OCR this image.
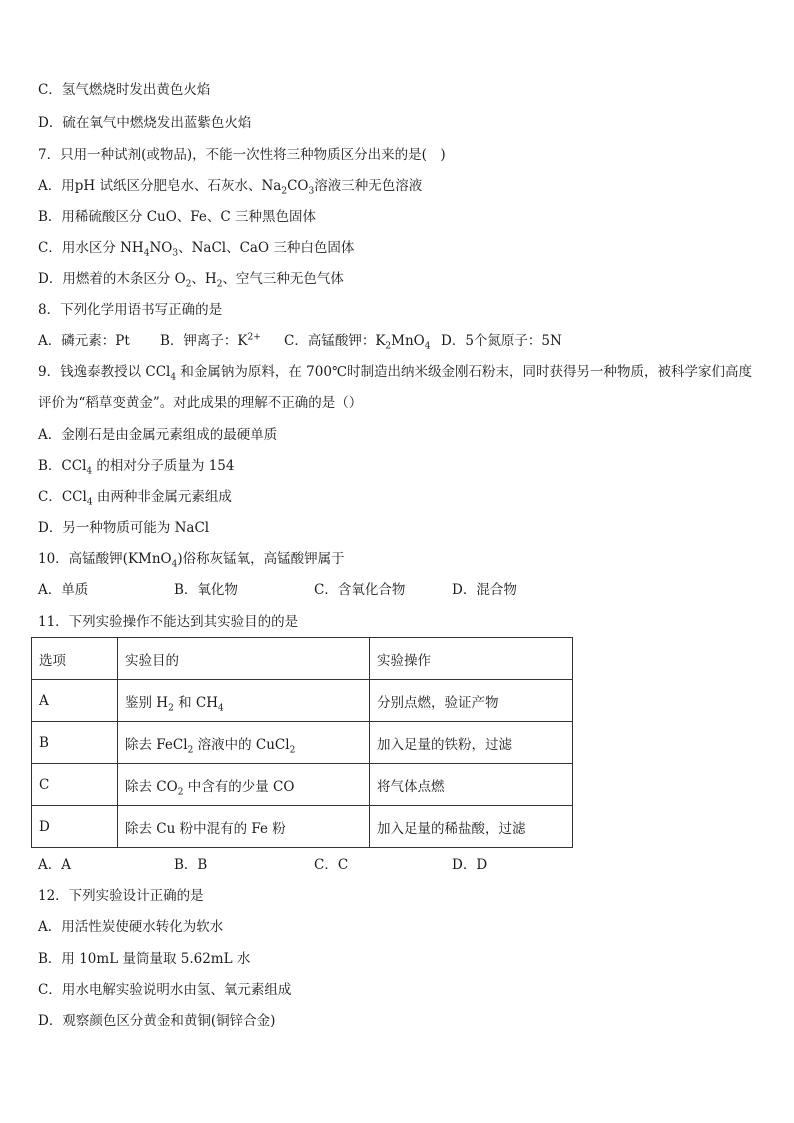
C．氢气燃烧时发出黄色火焰
D．硫在氧气中燃烧发出蓝紫色火焰
7．只用一种试剂(或物品)，不能一次性将三种物质区分出来的是(　)
A．用pH 试纸区分肥皂水、石灰水、$Na_2CO_3$溶液三种无色溶液
B．用稀硫酸区分 CuO、Fe、C 三种黑色固体
C．用水区分 $NH_4NO_3$、NaCl、CaO 三种白色固体
D．用燃着的木条区分 $O_2$、$H_2$、空气三种无色气体
8．下列化学用语书写正确的是
A．磷元素：Pt B．钾离子：$K^{2+}$ C．高锰酸钾：$K_2MnO_4$ D．5个氮原子：5N
9．钱逸泰教授以 CCl$_4$ 和金属钠为原料，在 700℃时制造出纳米级金刚石粉末，同时获得另一种物质，被科学家们高度
评价为“稻草变黄金”。对此成果的理解不正确的是（）
A．金刚石是由金属元素组成的最硬单质
B．CCl$_4$ 的相对分子质量为 154
C．CCl$_4$ 由两种非金属元素组成
D．另一种物质可能为 NaCl
10．高锰酸钾(KMnO$_4$)俗称灰锰氧，高锰酸钾属于
A．单质	B．氧化物	C．含氧化合物	D．混合物
11．下列实验操作不能达到其实验目的的是
选项	实验目的	实验操作
A	鉴别 $H_2$ 和 $CH_4$	分别点燃，验证产物
B	除去 FeCl$_2$ 溶液中的 CuCl$_2$	加入足量的铁粉，过滤
C	除去 $CO_2$ 中含有的少量 CO	将气体点燃
D	除去 Cu 粉中混有的 Fe 粉	加入足量的稀盐酸，过滤
A．A	B．B	C．C	D．D
12．下列实验设计正确的是
A．用活性炭使硬水转化为软水
B．用 10mL 量筒量取 5.62mL 水
C．用水电解实验说明水由氢、氧元素组成
D．观察颜色区分黄金和黄铜(铜锌合金)
